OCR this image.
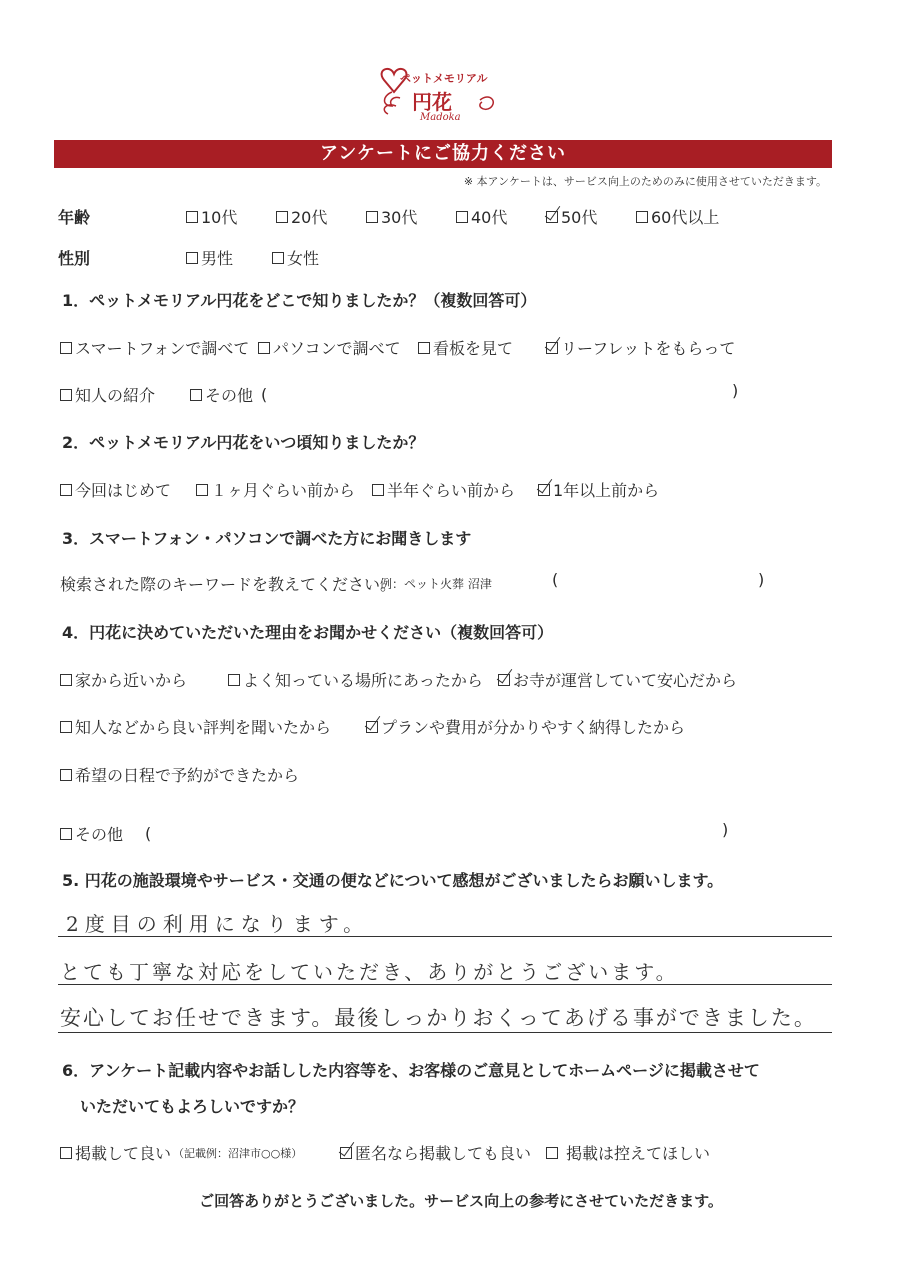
ペットメモリアル
円花
Madoka
アンケートにご協力ください
※ 本アンケートは、サービス向上のためのみに使用させていただきます。
年齢	10代	20代	30代	40代	50代	60代以上
性別	男性	女性
1．ペットメモリアル円花をどこで知りましたか？（複数回答可）
スマートフォンで調べて パソコンで調べて 看板を見て	リーフレットをもらって
知人の紹介	その他 (	)
2．ペットメモリアル円花をいつ頃知りましたか？
今回はじめて １ヶ月ぐらい前から 半年ぐらい前から 1年以上前から
3．スマートフォン・パソコンで調べた方にお聞きします
検索された際のキーワードを教えてください。
例：ペット火葬 沼津	(	)
4．円花に決めていただいた理由をお聞かせください（複数回答可）
家から近いから	よく知っている場所にあったから お寺が運営していて安心だから
知人などから良い評判を聞いたから	プランや費用が分かりやすく納得したから
希望の日程で予約ができたから
その他 (	)
5. 円花の施設環境やサービス・交通の便などについて感想がございましたらお願いします。
2度目の利用になります。
とても丁寧な対応をしていただき、ありがとうございます。
安心してお任せできます。最後しっかりおくってあげる事ができました。
6．アンケート記載内容やお話しした内容等を、お客様のご意見としてホームページに掲載させて
いただいてもよろしいですか？
掲載して良い （記載例：沼津市○○様）	匿名なら掲載しても良い 掲載は控えてほしい
ご回答ありがとうございました。サービス向上の参考にさせていただきます。
